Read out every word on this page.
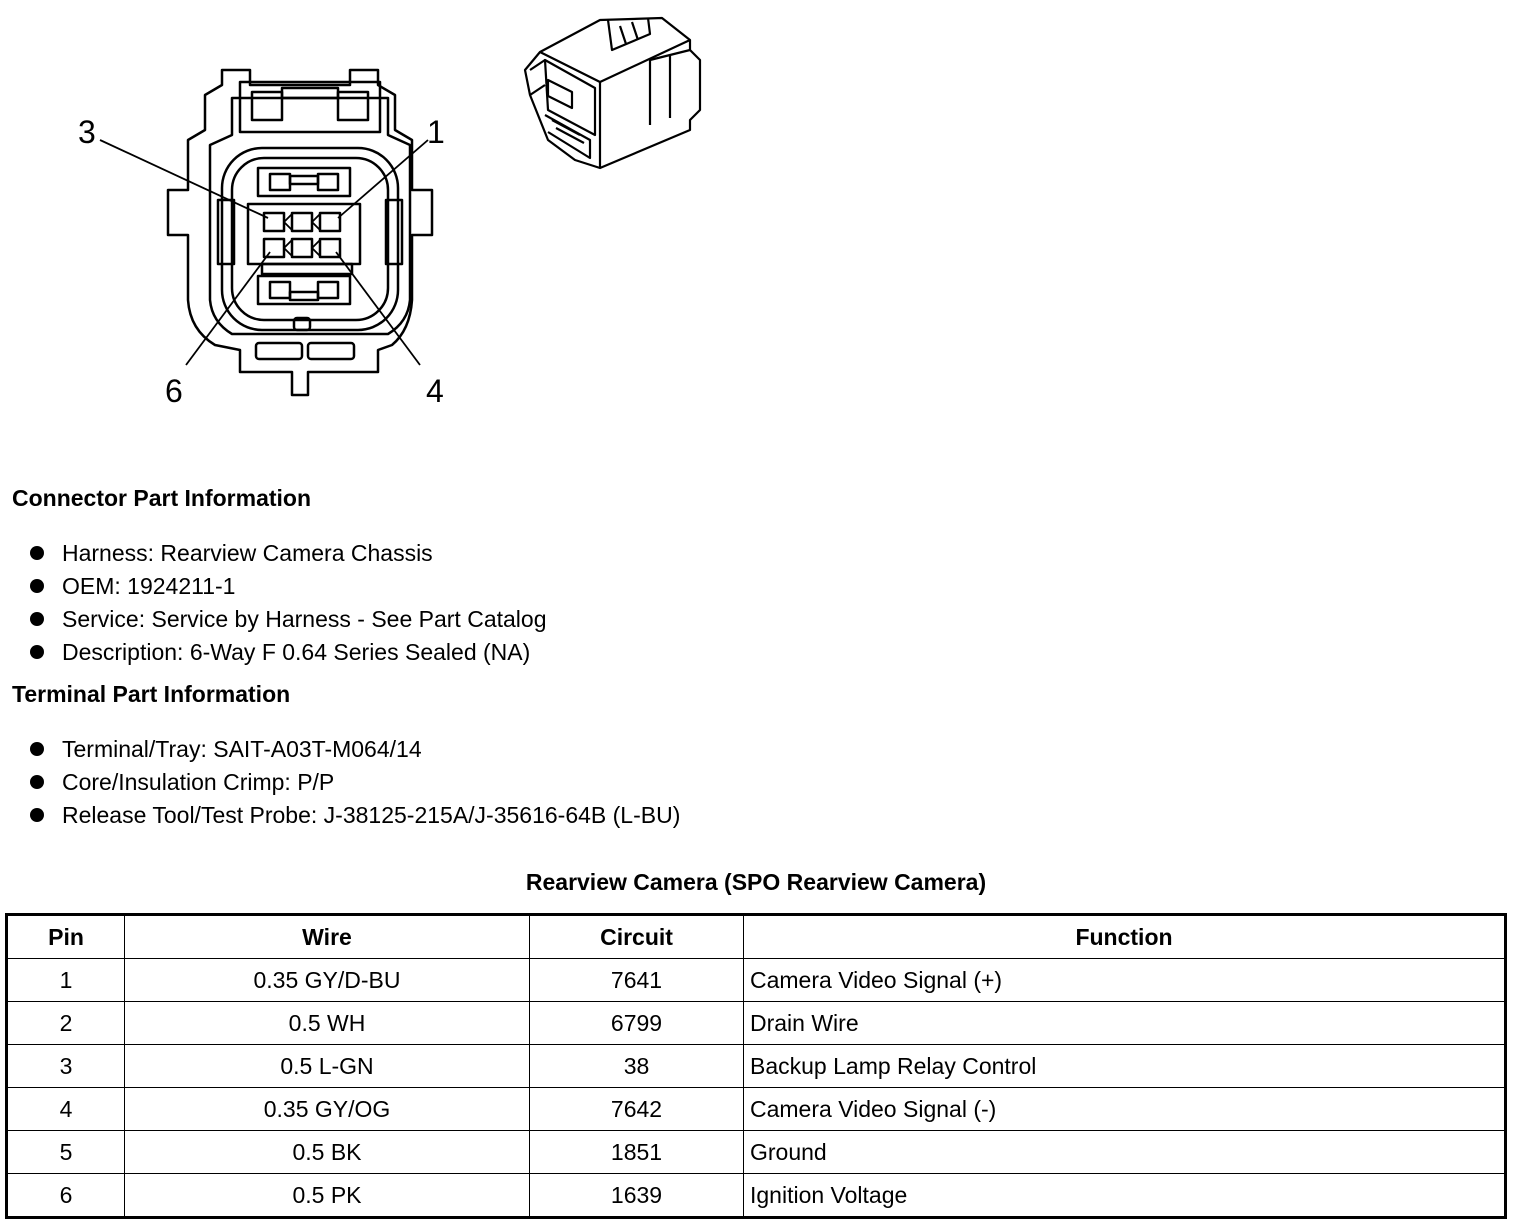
3	1
6	4
Connector Part Information
Harness: Rearview Camera Chassis
OEM: 1924211-1
Service: Service by Harness - See Part Catalog
Description: 6-Way F 0.64 Series Sealed (NA)
Terminal Part Information
Terminal/Tray: SAIT-A03T-M064/14
Core/Insulation Crimp: P/P
Release Tool/Test Probe: J-38125-215A/J-35616-64B (L-BU)
Rearview Camera (SPO Rearview Camera)
Pin	Wire	Circuit	Function
1	0.35 GY/D-BU	7641	Camera Video Signal (+)
2	0.5 WH	6799	Drain Wire
3	0.5 L-GN	38	Backup Lamp Relay Control
4	0.35 GY/OG	7642	Camera Video Signal (-)
5	0.5 BK	1851	Ground
6	0.5 PK	1639	Ignition Voltage
